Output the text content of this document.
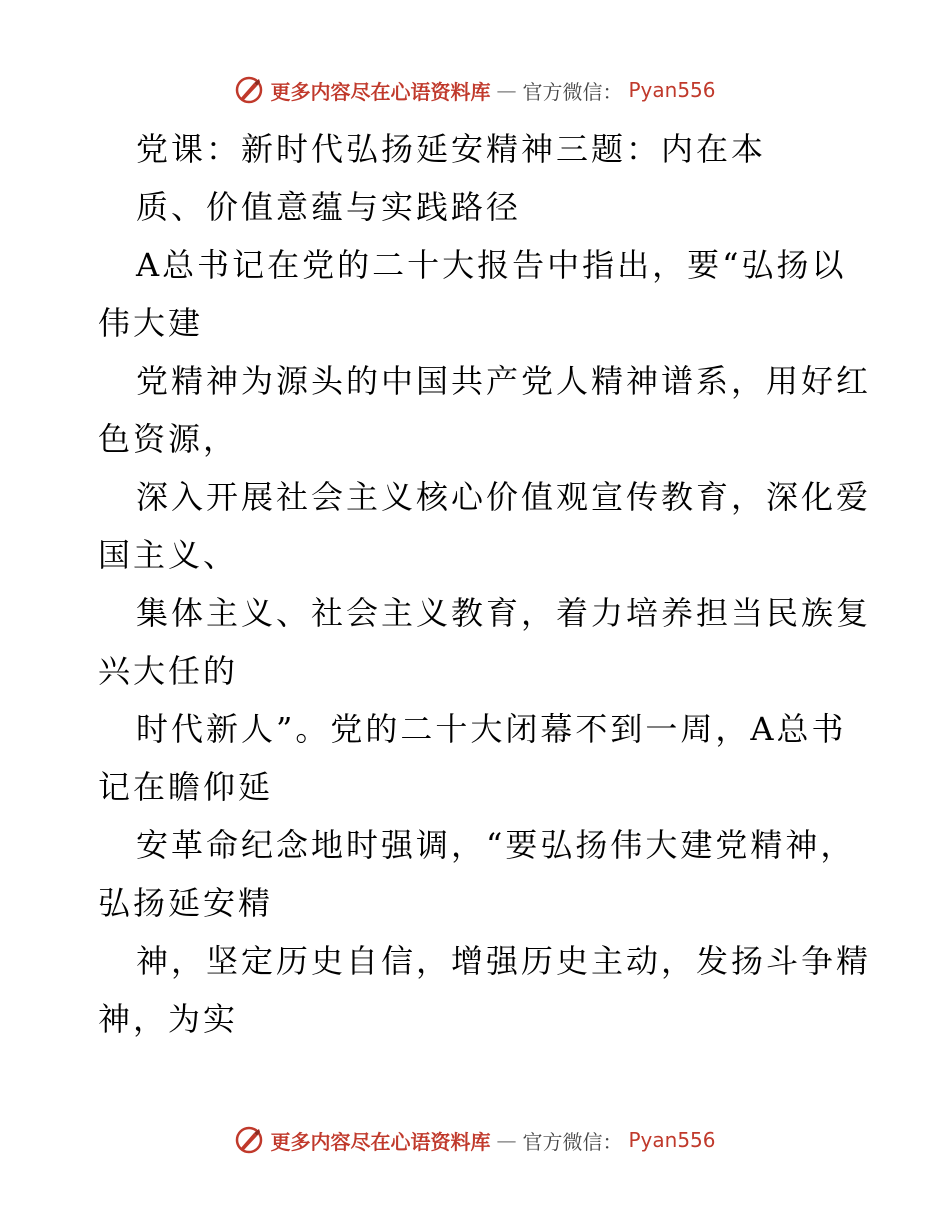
更多内容尽在心语资料库 — 官方微信： Pyan556
党课：新时代弘扬延安精神三题：内在本
质、价值意蕴与实践路径
A总书记在党的二十大报告中指出，要“弘扬以
伟大建
党精神为源头的中国共产党人精神谱系，用好红
色资源，
深入开展社会主义核心价值观宣传教育，深化爱
国主义、
集体主义、社会主义教育，着力培养担当民族复
兴大任的
时代新人”。党的二十大闭幕不到一周，A总书
记在瞻仰延
安革命纪念地时强调，“要弘扬伟大建党精神，
弘扬延安精
神，坚定历史自信，增强历史主动，发扬斗争精
神，为实
更多内容尽在心语资料库 — 官方微信： Pyan556
